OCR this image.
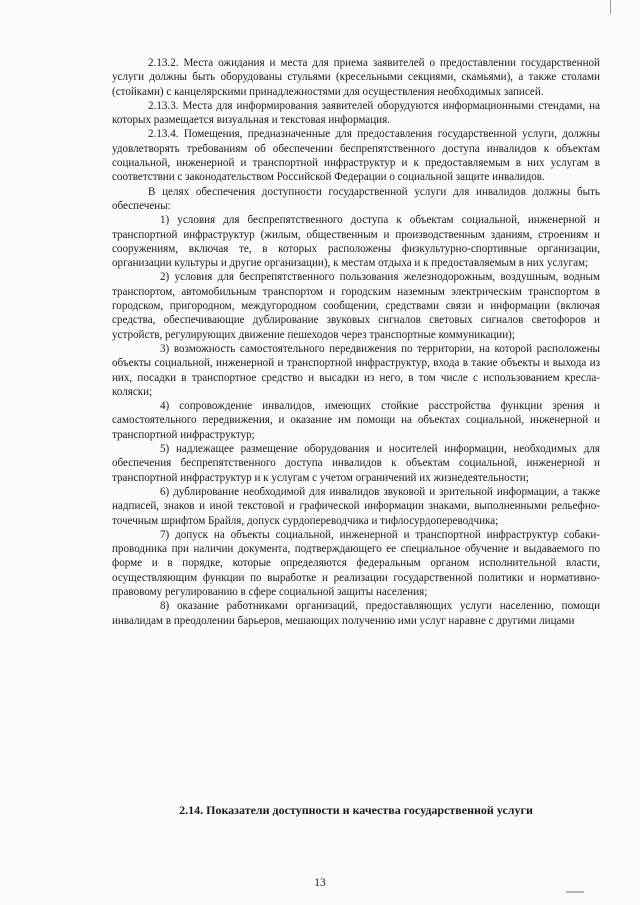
2.13.2. Места ожидания и места для приема заявителей о предоставлении государственной услуги должны быть оборудованы стульями (кресельными секциями, скамьями), а также столами (стойками) с канцелярскими принадлежностями для осуществления необходимых записей.

2.13.3. Места для информирования заявителей оборудуются информационными стендами, на которых размещается визуальная и текстовая информация.

2.13.4. Помещения, предназначенные для предоставления государственной услуги, должны удовлетворять требованиям об обеспечении беспрепятственного доступа инвалидов к объектам социальной, инженерной и транспортной инфраструктур и к предоставляемым в них услугам в соответствии с законодательством Российской Федерации о социальной защите инвалидов.

В целях обеспечения доступности государственной услуги для инвалидов должны быть обеспечены:

1) условия для беспрепятственного доступа к объектам социальной, инженерной и транспортной инфраструктур (жилым, общественным и производственным зданиям, строениям и сооружениям, включая те, в которых расположены физкультурно-спортивные организации, организации культуры и другие организации), к местам отдыха и к предоставляемым в них услугам;

2) условия для беспрепятственного пользования железнодорожным, воздушным, водным транспортом, автомобильным транспортом и городским наземным электрическим транспортом в городском, пригородном, междугородном сообщении, средствами связи и информации (включая средства, обеспечивающие дублирование звуковых сигналов световых сигналов светофоров и устройств, регулирующих движение пешеходов через транспортные коммуникации);

3) возможность самостоятельного передвижения по территории, на которой расположены объекты социальной, инженерной и транспортной инфраструктур, входа в такие объекты и выхода из них, посадки в транспортное средство и высадки из него, в том числе с использованием кресла-коляски;

4) сопровождение инвалидов, имеющих стойкие расстройства функции зрения и самостоятельного передвижения, и оказание им помощи на объектах социальной, инженерной и транспортной инфраструктур;

5) надлежащее размещение оборудования и носителей информации, необходимых для обеспечения беспрепятственного доступа инвалидов к объектам социальной, инженерной и транспортной инфраструктур и к услугам с учетом ограничений их жизнедеятельности;

6) дублирование необходимой для инвалидов звуковой и зрительной информации, а также надписей, знаков и иной текстовой и графической информации знаками, выполненными рельефно-точечным шрифтом Брайля, допуск сурдопереводчика и тифлосурдопереводчика;

7) допуск на объекты социальной, инженерной и транспортной инфраструктур собаки-проводника при наличии документа, подтверждающего ее специальное обучение и выдаваемого по форме и в порядке, которые определяются федеральным органом исполнительной власти, осуществляющим функции по выработке и реализации государственной политики и нормативно-правовому регулированию в сфере социальной защиты населения;

8) оказание работниками организаций, предоставляющих услуги населению, помощи инвалидам в преодолении барьеров, мешающих получению ими услуг наравне с другими лицами

2.14. Показатели доступности и качества государственной услуги
13
